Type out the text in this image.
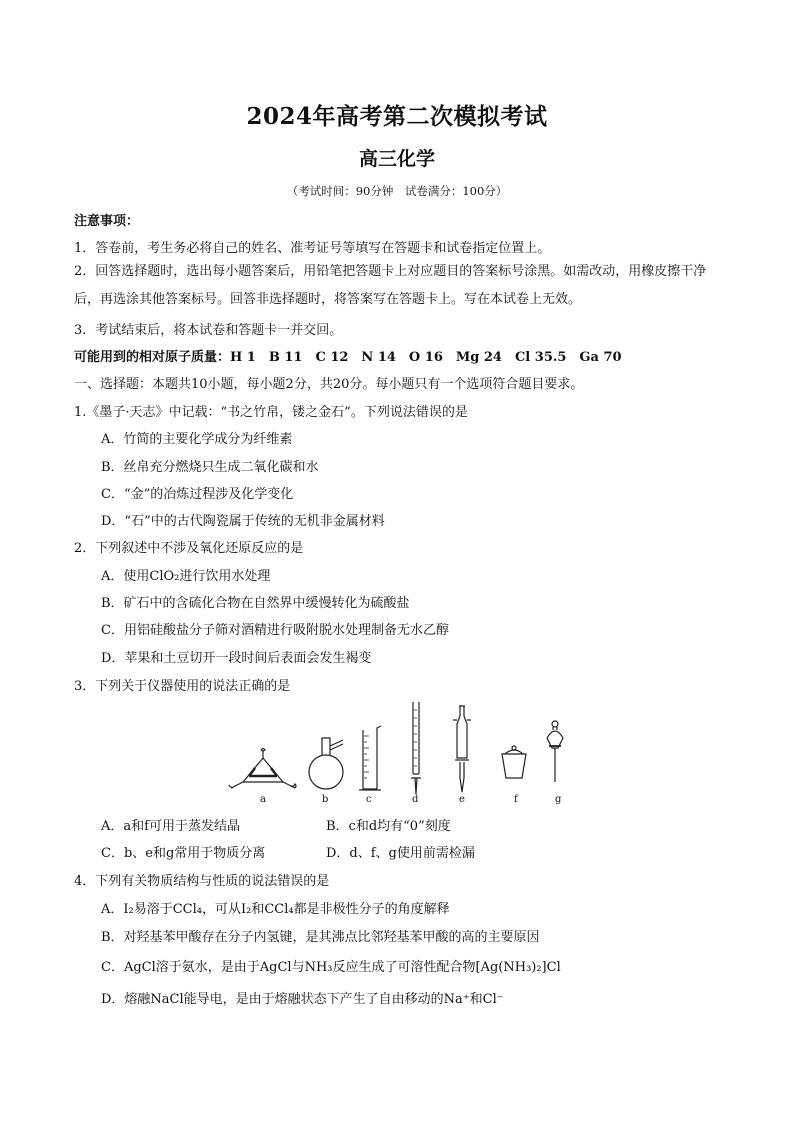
2024年高考第二次模拟考试
高三化学
（考试时间：90分钟　试卷满分：100分）
注意事项：
1．答卷前，考生务必将自己的姓名、准考证号等填写在答题卡和试卷指定位置上。
2．回答选择题时，选出每小题答案后，用铅笔把答题卡上对应题目的答案标号涂黑。如需改动，用橡皮擦干净后，再选涂其他答案标号。回答非选择题时，将答案写在答题卡上。写在本试卷上无效。
3．考试结束后，将本试卷和答题卡一并交回。
可能用到的相对原子质量：H 1　B 11　C 12　N 14　O 16　Mg 24　Cl 35.5　Ga 70
一、选择题：本题共10小题，每小题2分，共20分。每小题只有一个选项符合题目要求。
1.《墨子·天志》中记载：“书之竹帛，镂之金石”。下列说法错误的是
A．竹简的主要化学成分为纤维素
B．丝帛充分燃烧只生成二氧化碳和水
C．“金”的冶炼过程涉及化学变化
D．“石”中的古代陶瓷属于传统的无机非金属材料
2．下列叙述中不涉及氧化还原反应的是
A．使用ClO₂进行饮用水处理
B．矿石中的含硫化合物在自然界中缓慢转化为硫酸盐
C．用铝硅酸盐分子筛对酒精进行吸附脱水处理制备无水乙醇
D．苹果和土豆切开一段时间后表面会发生褐变
3．下列关于仪器使用的说法正确的是
a	b	c	d	e	f	g
A．a和f可用于蒸发结晶	B．c和d均有“0”刻度
C．b、e和g常用于物质分离	D．d、f、g使用前需检漏
4．下列有关物质结构与性质的说法错误的是
A．I₂易溶于CCl₄，可从I₂和CCl₄都是非极性分子的角度解释
B．对羟基苯甲酸存在分子内氢键，是其沸点比邻羟基苯甲酸的高的主要原因
C．AgCl溶于氨水，是由于AgCl与NH₃反应生成了可溶性配合物[Ag(NH₃)₂]Cl
D．熔融NaCl能导电，是由于熔融状态下产生了自由移动的Na⁺和Cl⁻
